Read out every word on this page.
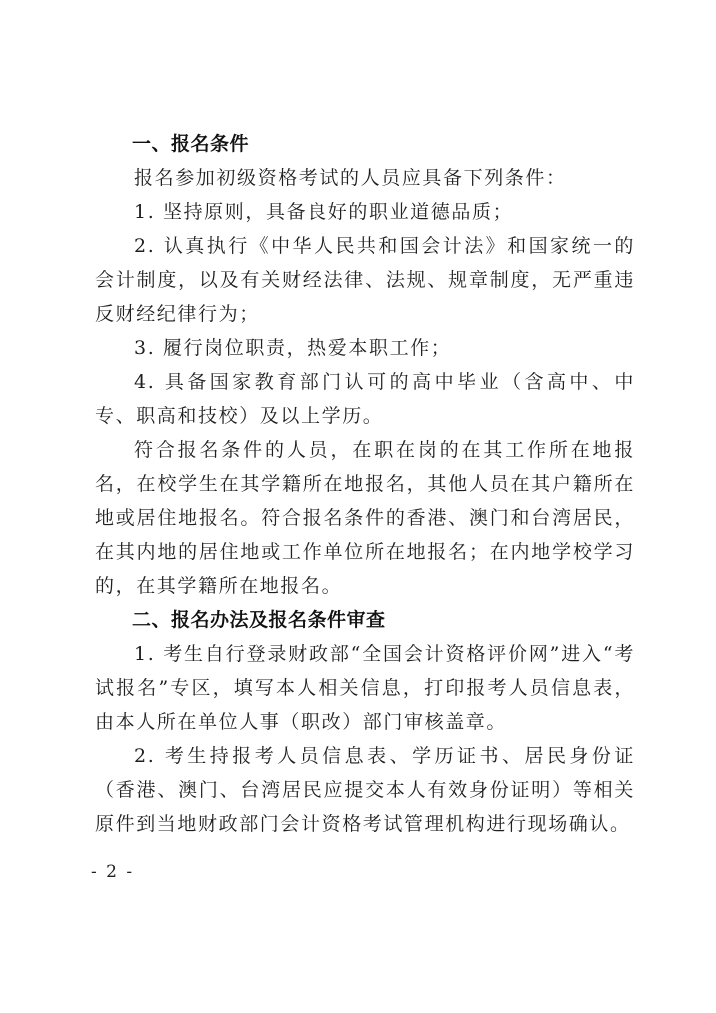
一、报名条件

报名参加初级资格考试的人员应具备下列条件：

1. 坚持原则，具备良好的职业道德品质；

2. 认真执行《中华人民共和国会计法》和国家统一的会计制度，以及有关财经法律、法规、规章制度，无严重违反财经纪律行为；

3. 履行岗位职责，热爱本职工作；

4. 具备国家教育部门认可的高中毕业（含高中、中专、职高和技校）及以上学历。

符合报名条件的人员，在职在岗的在其工作所在地报名，在校学生在其学籍所在地报名，其他人员在其户籍所在地或居住地报名。符合报名条件的香港、澳门和台湾居民，在其内地的居住地或工作单位所在地报名；在内地学校学习的，在其学籍所在地报名。

二、报名办法及报名条件审查

1. 考生自行登录财政部“全国会计资格评价网”进入“考试报名”专区，填写本人相关信息，打印报考人员信息表，由本人所在单位人事（职改）部门审核盖章。

2. 考生持报考人员信息表、学历证书、居民身份证（香港、澳门、台湾居民应提交本人有效身份证明）等相关原件到当地财政部门会计资格考试管理机构进行现场确认。

- 2 -
